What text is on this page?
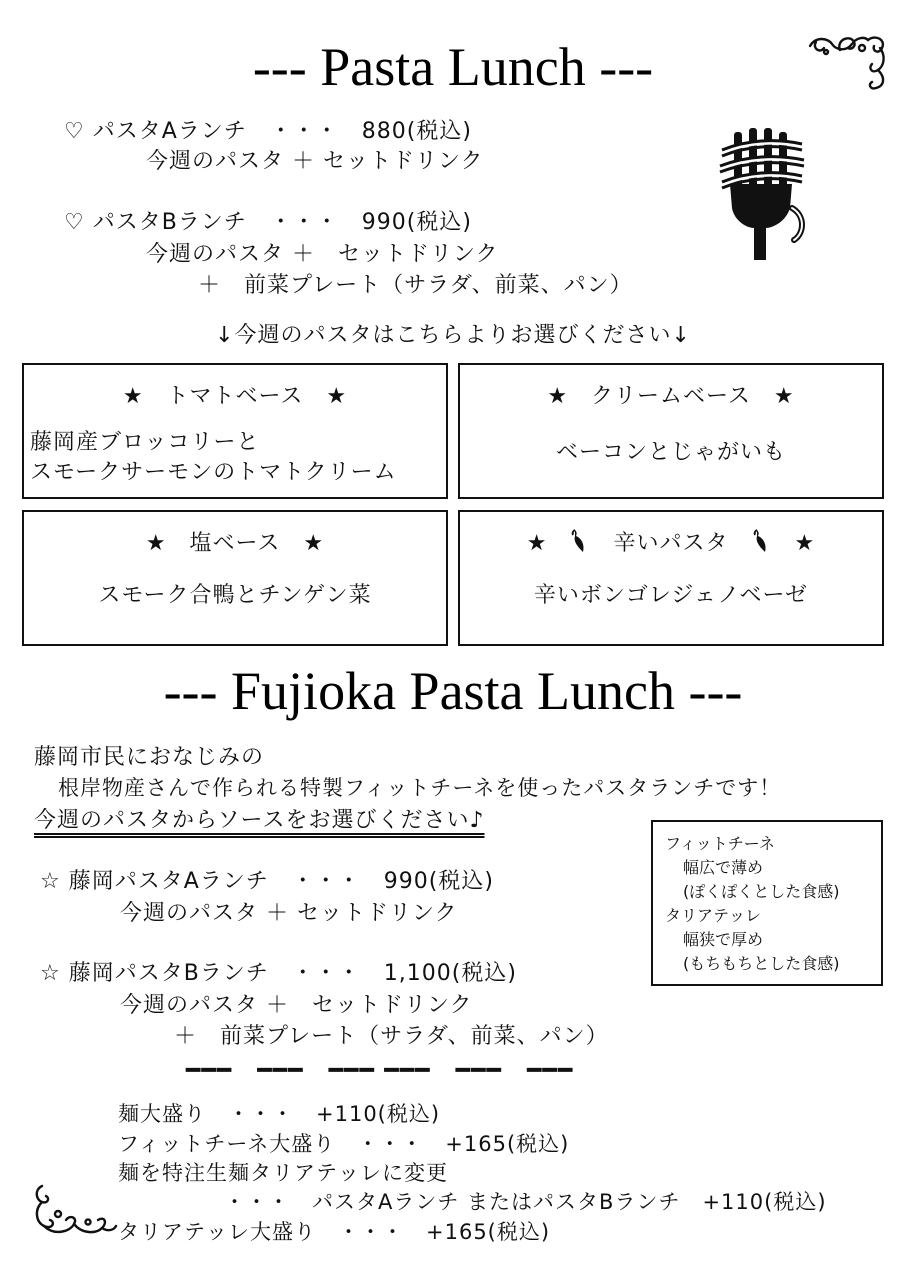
--- Pasta Lunch ---
♡ パスタAランチ　・・・　880(税込)
今週のパスタ ＋ セットドリンク
♡ パスタBランチ　・・・　990(税込)
今週のパスタ ＋　セットドリンク
＋　前菜プレート（サラダ、前菜、パン）
↓今週のパスタはこちらよりお選びください↓
★　トマトベース　★
藤岡産ブロッコリーと
スモークサーモンのトマトクリーム
★　クリームベース　★
ベーコンとじゃがいも
★　塩ベース　★
スモーク合鴨とチンゲン菜
★	辛いパスタ	★
辛いボンゴレジェノベーゼ
--- Fujioka Pasta Lunch ---
藤岡市民におなじみの
根岸物産さんで作られる特製フィットチーネを使ったパスタランチです！
今週のパスタからソースをお選びください♪
フィットチーネ
幅広で薄め
(ぽくぽくとした食感)
タリアテッレ
幅狭で厚め
(もちもちとした食感)
☆ 藤岡パスタAランチ　・・・　990(税込)
今週のパスタ ＋ セットドリンク
☆ 藤岡パスタBランチ　・・・　1,100(税込)
今週のパスタ ＋　セットドリンク
＋　前菜プレート（サラダ、前菜、パン）
━━━　━━━　━━━ ━━━　━━━　━━━
麺大盛り　・・・　+110(税込)
フィットチーネ大盛り　・・・　+165(税込)
麺を特注生麺タリアテッレに変更
・・・　パスタAランチ またはパスタBランチ　+110(税込)
タリアテッレ大盛り　・・・　+165(税込)
